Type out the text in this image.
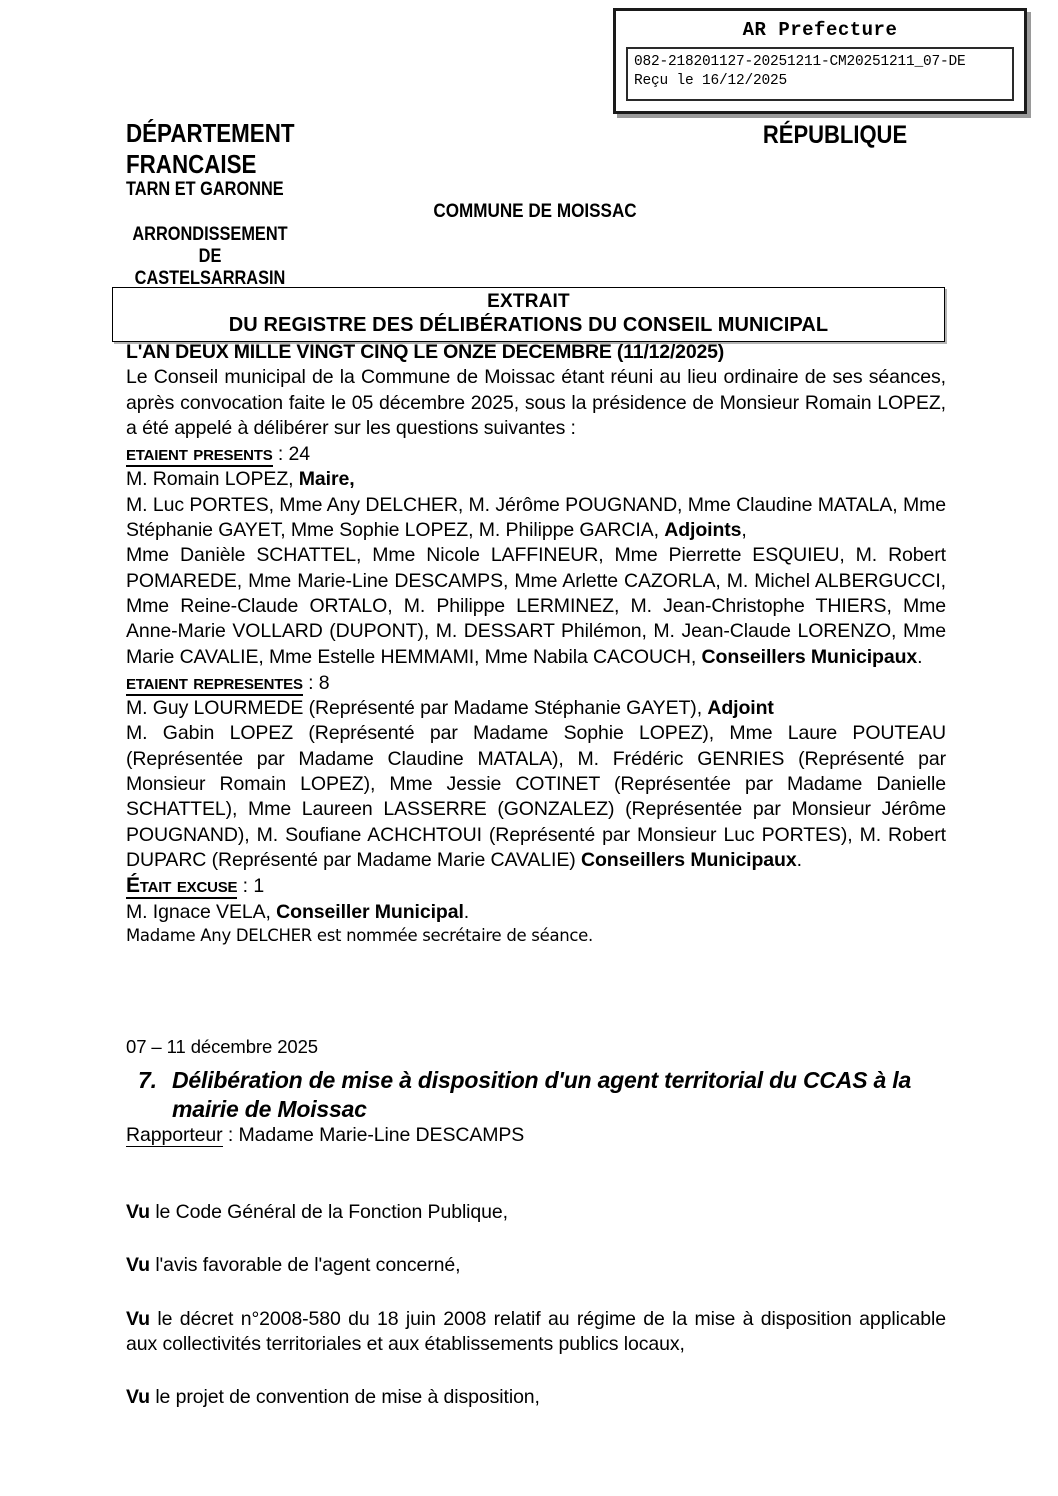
AR Prefecture
082-218201127-20251211-CM20251211_07-DE
Reçu le 16/12/2025
DÉPARTEMENT
FRANCAISE
TARN ET GARONNE
RÉPUBLIQUE
COMMUNE DE MOISSAC
ARRONDISSEMENT
DE
CASTELSARRASIN
EXTRAIT
DU REGISTRE DES DÉLIBÉRATIONS DU CONSEIL MUNICIPAL
L'AN DEUX MILLE VINGT CINQ LE ONZE DECEMBRE (11/12/2025)

Le Conseil municipal de la Commune de Moissac étant réuni au lieu ordinaire de ses séances, après convocation faite le 05 décembre 2025, sous la présidence de Monsieur Romain LOPEZ, a été appelé à délibérer sur les questions suivantes :

etaient presents : 24
M. Romain LOPEZ, Maire,

M. Luc PORTES, Mme Any DELCHER, M. Jérôme POUGNAND, Mme Claudine MATALA, Mme Stéphanie GAYET, Mme Sophie LOPEZ, M. Philippe GARCIA, Adjoints,

Mme Danièle SCHATTEL, Mme Nicole LAFFINEUR, Mme Pierrette ESQUIEU, M. Robert POMAREDE, Mme Marie-Line DESCAMPS, Mme Arlette CAZORLA, M. Michel ALBERGUCCI, Mme Reine-Claude ORTALO, M. Philippe LERMINEZ, M. Jean-Christophe THIERS, Mme Anne-Marie VOLLARD (DUPONT), M. DESSART Philémon, M. Jean-Claude LORENZO, Mme Marie CAVALIE, Mme Estelle HEMMAMI, Mme Nabila CACOUCH, Conseillers Municipaux.

etaient representes : 8
M. Guy LOURMEDE (Représenté par Madame Stéphanie GAYET), Adjoint

M. Gabin LOPEZ (Représenté par Madame Sophie LOPEZ), Mme Laure POUTEAU (Représentée par Madame Claudine MATALA), M. Frédéric GENRIES (Représenté par Monsieur Romain LOPEZ), Mme Jessie COTINET (Représentée par Madame Danielle SCHATTEL), Mme Laureen LASSERRE (GONZALEZ) (Représentée par Monsieur Jérôme POUGNAND), M. Soufiane ACHCHTOUI (Représenté par Monsieur Luc PORTES), M. Robert DUPARC (Représenté par Madame Marie CAVALIE) Conseillers Municipaux.

Était excuse : 1
M. Ignace VELA, Conseiller Municipal.
Madame Any DELCHER est nommée secrétaire de séance.
07 – 11 décembre 2025
7. Délibération de mise à disposition d'un agent territorial du CCAS à la mairie de Moissac
Rapporteur : Madame Marie-Line DESCAMPS

Vu le Code Général de la Fonction Publique,

Vu l'avis favorable de l'agent concerné,

Vu le décret n°2008-580 du 18 juin 2008 relatif au régime de la mise à disposition applicable aux collectivités territoriales et aux établissements publics locaux,

Vu le projet de convention de mise à disposition,
